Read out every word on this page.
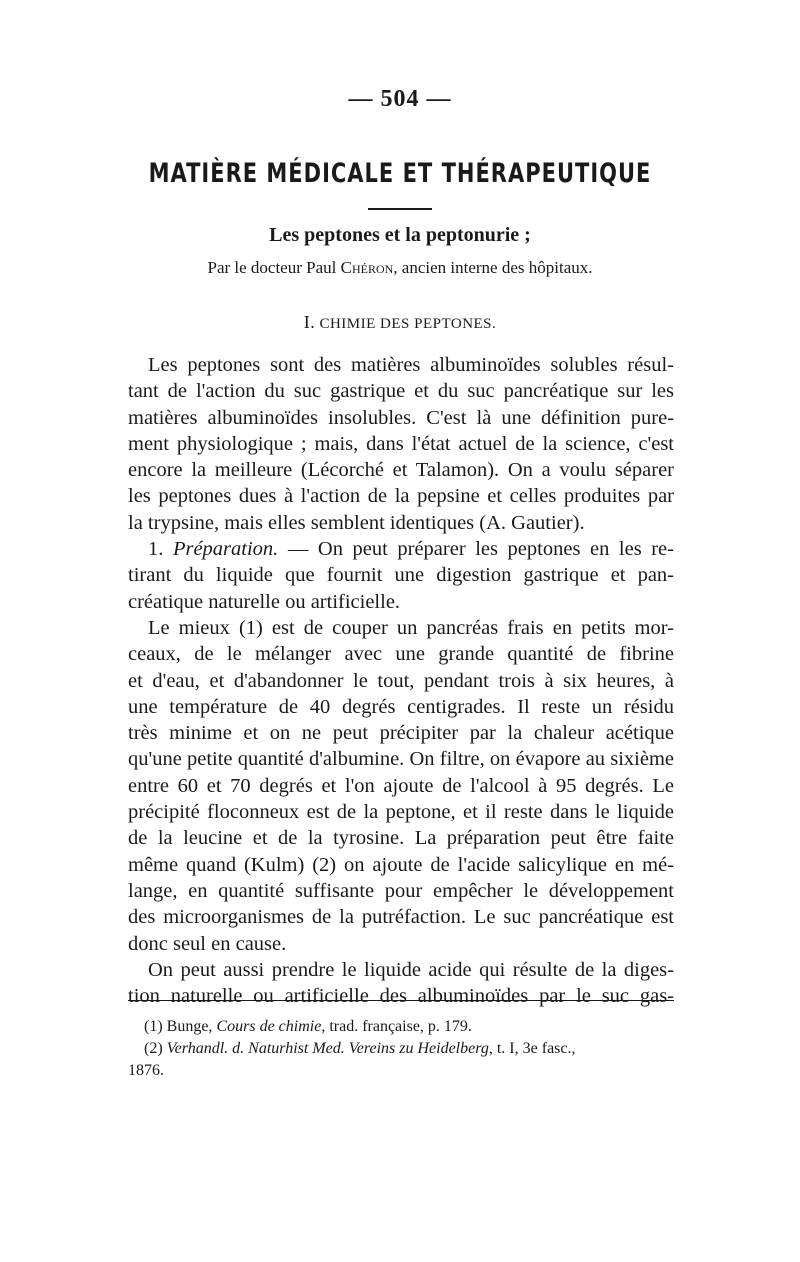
— 504 —
MATIÈRE MÉDICALE ET THÉRAPEUTIQUE
Les peptones et la peptonurie ;
Par le docteur Paul Chéron, ancien interne des hôpitaux.
I. CHIMIE DES PEPTONES.
Les peptones sont des matières albuminoïdes solubles résul-
tant de l'action du suc gastrique et du suc pancréatique sur les
matières albuminoïdes insolubles. C'est là une définition pure-
ment physiologique ; mais, dans l'état actuel de la science, c'est
encore la meilleure (Lécorché et Talamon). On a voulu séparer
les peptones dues à l'action de la pepsine et celles produites par
la trypsine, mais elles semblent identiques (A. Gautier).
1. Préparation. — On peut préparer les peptones en les re-
tirant du liquide que fournit une digestion gastrique et pan-
créatique naturelle ou artificielle.
Le mieux (1) est de couper un pancréas frais en petits mor-
ceaux, de le mélanger avec une grande quantité de fibrine
et d'eau, et d'abandonner le tout, pendant trois à six heures, à
une température de 40 degrés centigrades. Il reste un résidu
très minime et on ne peut précipiter par la chaleur acétique
qu'une petite quantité d'albumine. On filtre, on évapore au sixième
entre 60 et 70 degrés et l'on ajoute de l'alcool à 95 degrés. Le
précipité floconneux est de la peptone, et il reste dans le liquide
de la leucine et de la tyrosine. La préparation peut être faite
même quand (Kulm) (2) on ajoute de l'acide salicylique en mé-
lange, en quantité suffisante pour empêcher le développement
des microorganismes de la putréfaction. Le suc pancréatique est
donc seul en cause.
On peut aussi prendre le liquide acide qui résulte de la diges-
tion naturelle ou artificielle des albuminoïdes par le suc gas-
(1) Bunge, Cours de chimie, trad. française, p. 179.
(2) Verhandl. d. Naturhist Med. Vereins zu Heidelberg, t. I, 3e fasc.,
1876.
